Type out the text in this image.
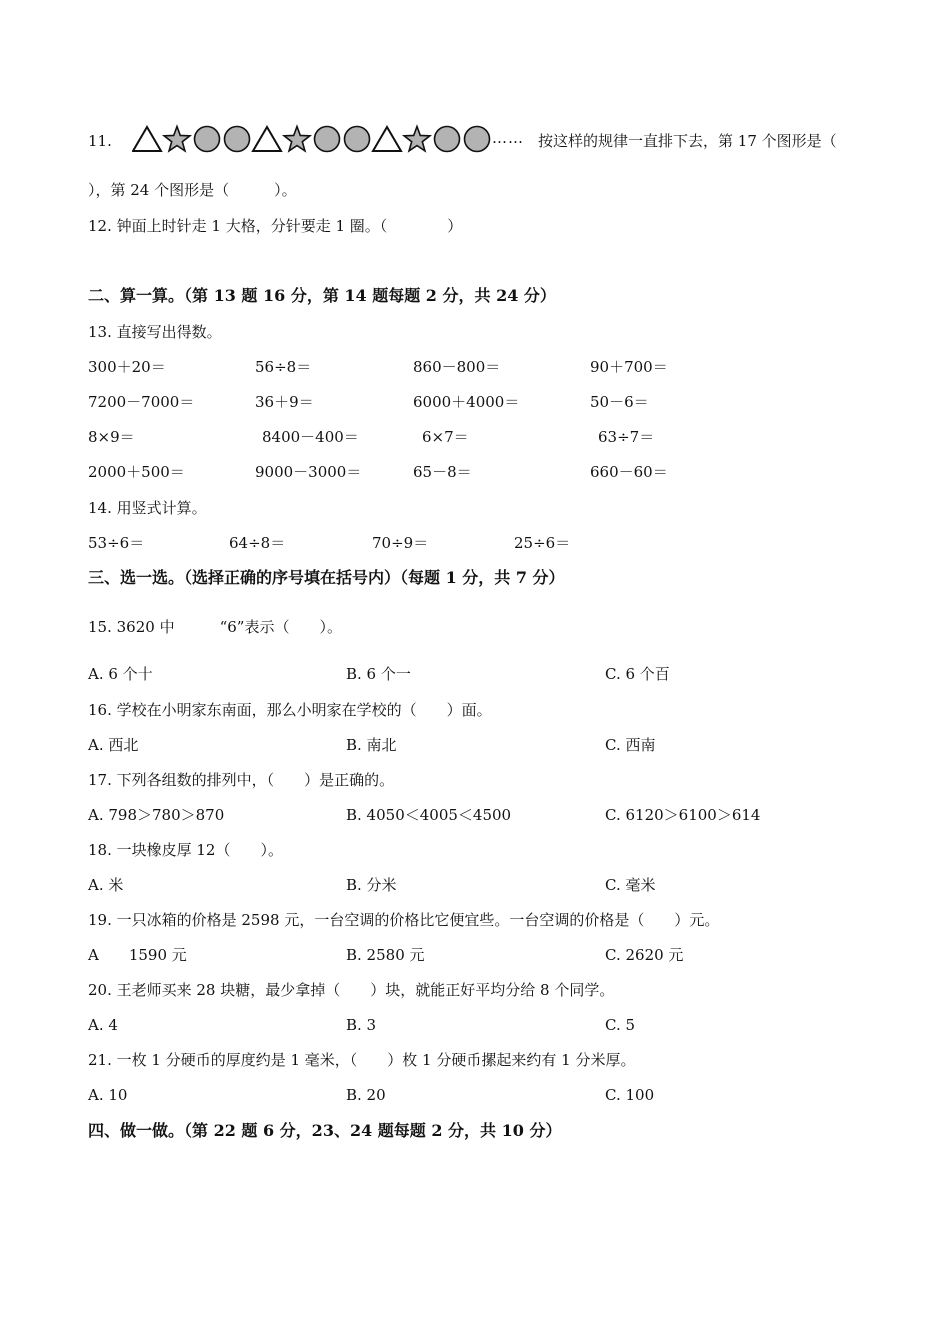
11.	…… 按这样的规律一直排下去，第 17 个图形是（
），第 24 个图形是（　　　）。
12. 钟面上时针走 1 大格，分针要走 1 圈。（　　　　）
二、算一算。（第 13 题 16 分，第 14 题每题 2 分，共 24 分）
13. 直接写出得数。
300＋20＝	56÷8＝	860－800＝	90＋700＝
7200－7000＝	36＋9＝	6000＋4000＝	50－6＝
8×9＝	8400－400＝	6×7＝	63÷7＝
2000＋500＝	9000－3000＝	65－8＝	660－60＝
14. 用竖式计算。
53÷6＝	64÷8＝	70÷9＝	25÷6＝
三、选一选。（选择正确的序号填在括号内）（每题 1 分，共 7 分）
15. 3620 中　　　“6”表示（　　）。
A. 6 个十	B. 6 个一	C. 6 个百
16. 学校在小明家东南面，那么小明家在学校的（　　）面。
A. 西北	B. 南北	C. 西南
17. 下列各组数的排列中，（　　）是正确的。
A. 798＞780＞870	B. 4050＜4005＜4500	C. 6120＞6100＞614
18. 一块橡皮厚 12（　　）。
A. 米	B. 分米	C. 毫米
19. 一只冰箱的价格是 2598 元，一台空调的价格比它便宜些。一台空调的价格是（　　）元。
A　　1590 元	B. 2580 元	C. 2620 元
20. 王老师买来 28 块糖，最少拿掉（　　）块，就能正好平均分给 8 个同学。
A. 4	B. 3	C. 5
21. 一枚 1 分硬币的厚度约是 1 毫米，（　　）枚 1 分硬币摞起来约有 1 分米厚。
A. 10	B. 20	C. 100
四、做一做。（第 22 题 6 分，23、24 题每题 2 分，共 10 分）
